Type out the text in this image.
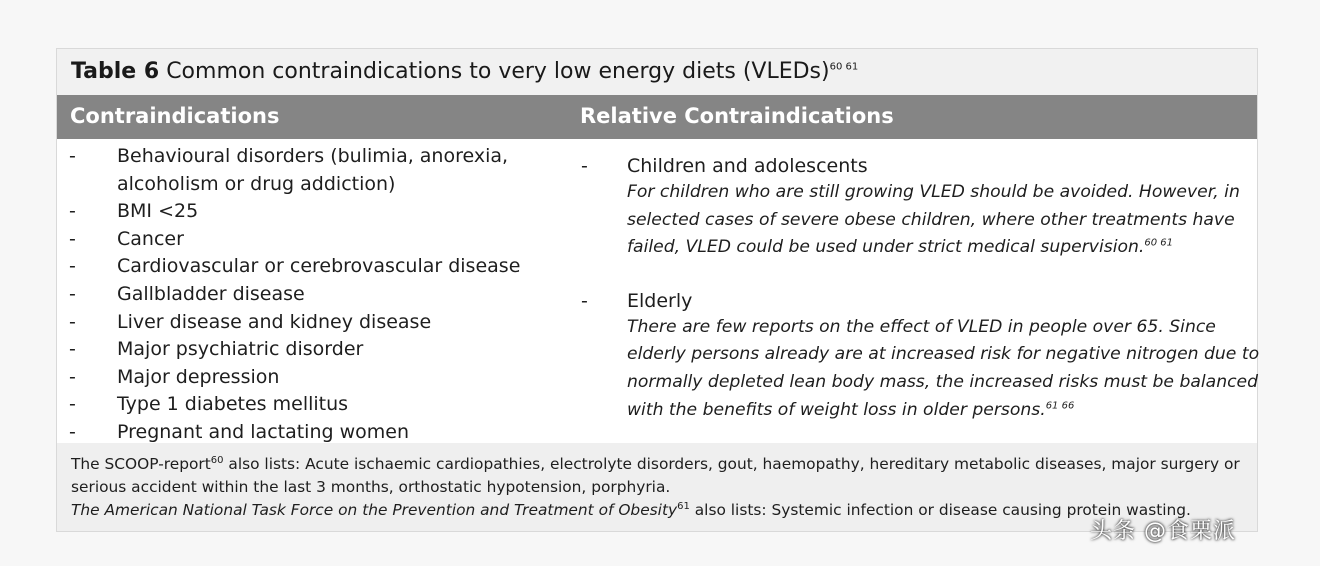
Table 6 Common contraindications to very low energy diets (VLEDs)$^{60 61}$
Contraindications	Relative Contraindications
- Behavioural disorders (bulimia, anorexia,
alcoholism or drug addiction)
- BMI <25
- Cancer
- Cardiovascular or cerebrovascular disease
- Gallbladder disease
- Liver disease and kidney disease
- Major psychiatric disorder
- Major depression
- Type 1 diabetes mellitus
- Pregnant and lactating women
- Children and adolescents
For children who are still growing VLED should be avoided. However, in selected cases of severe obese children, where other treatments have failed, VLED could be used under strict medical supervision.$^{60 61}$
- Elderly
There are few reports on the effect of VLED in people over 65. Since elderly persons already are at increased risk for negative nitrogen due to normally depleted lean body mass, the increased risks must be balanced with the benefits of weight loss in older persons.$^{61 66}$
The SCOOP-report$^{60}$ also lists: Acute ischaemic cardiopathies, electrolyte disorders, gout, haemopathy, hereditary metabolic diseases, major surgery or serious accident within the last 3 months, orthostatic hypotension, porphyria.
The American National Task Force on the Prevention and Treatment of Obesity$^{61}$ also lists: Systemic infection or disease causing protein wasting.
头条 @食栗派
